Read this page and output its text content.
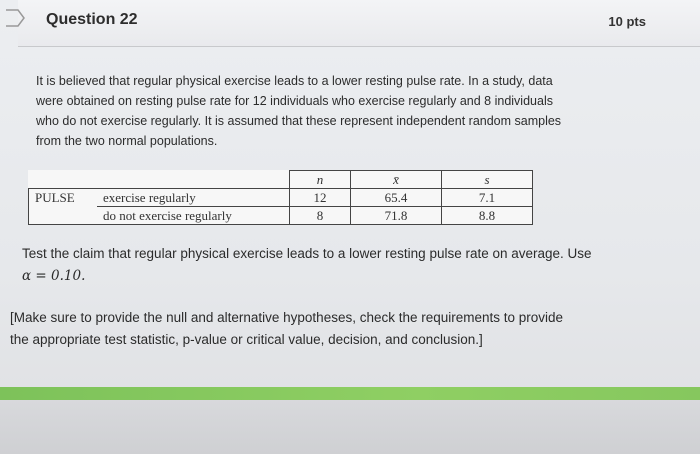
Question 22	10 pts
It is believed that regular physical exercise leads to a lower resting pulse rate. In a study, data
were obtained on resting pulse rate for 12 individuals who exercise regularly and 8 individuals
who do not exercise regularly. It is assumed that these represent independent random samples
from the two normal populations.
		n	x̄	s
PULSE	exercise regularly	12	65.4	7.1
	do not exercise regularly	8	71.8	8.8
Test the claim that regular physical exercise leads to a lower resting pulse rate on average. Use
α = 0.10.
[Make sure to provide the null and alternative hypotheses, check the requirements to provide
the appropriate test statistic, p-value or critical value, decision, and conclusion.]
